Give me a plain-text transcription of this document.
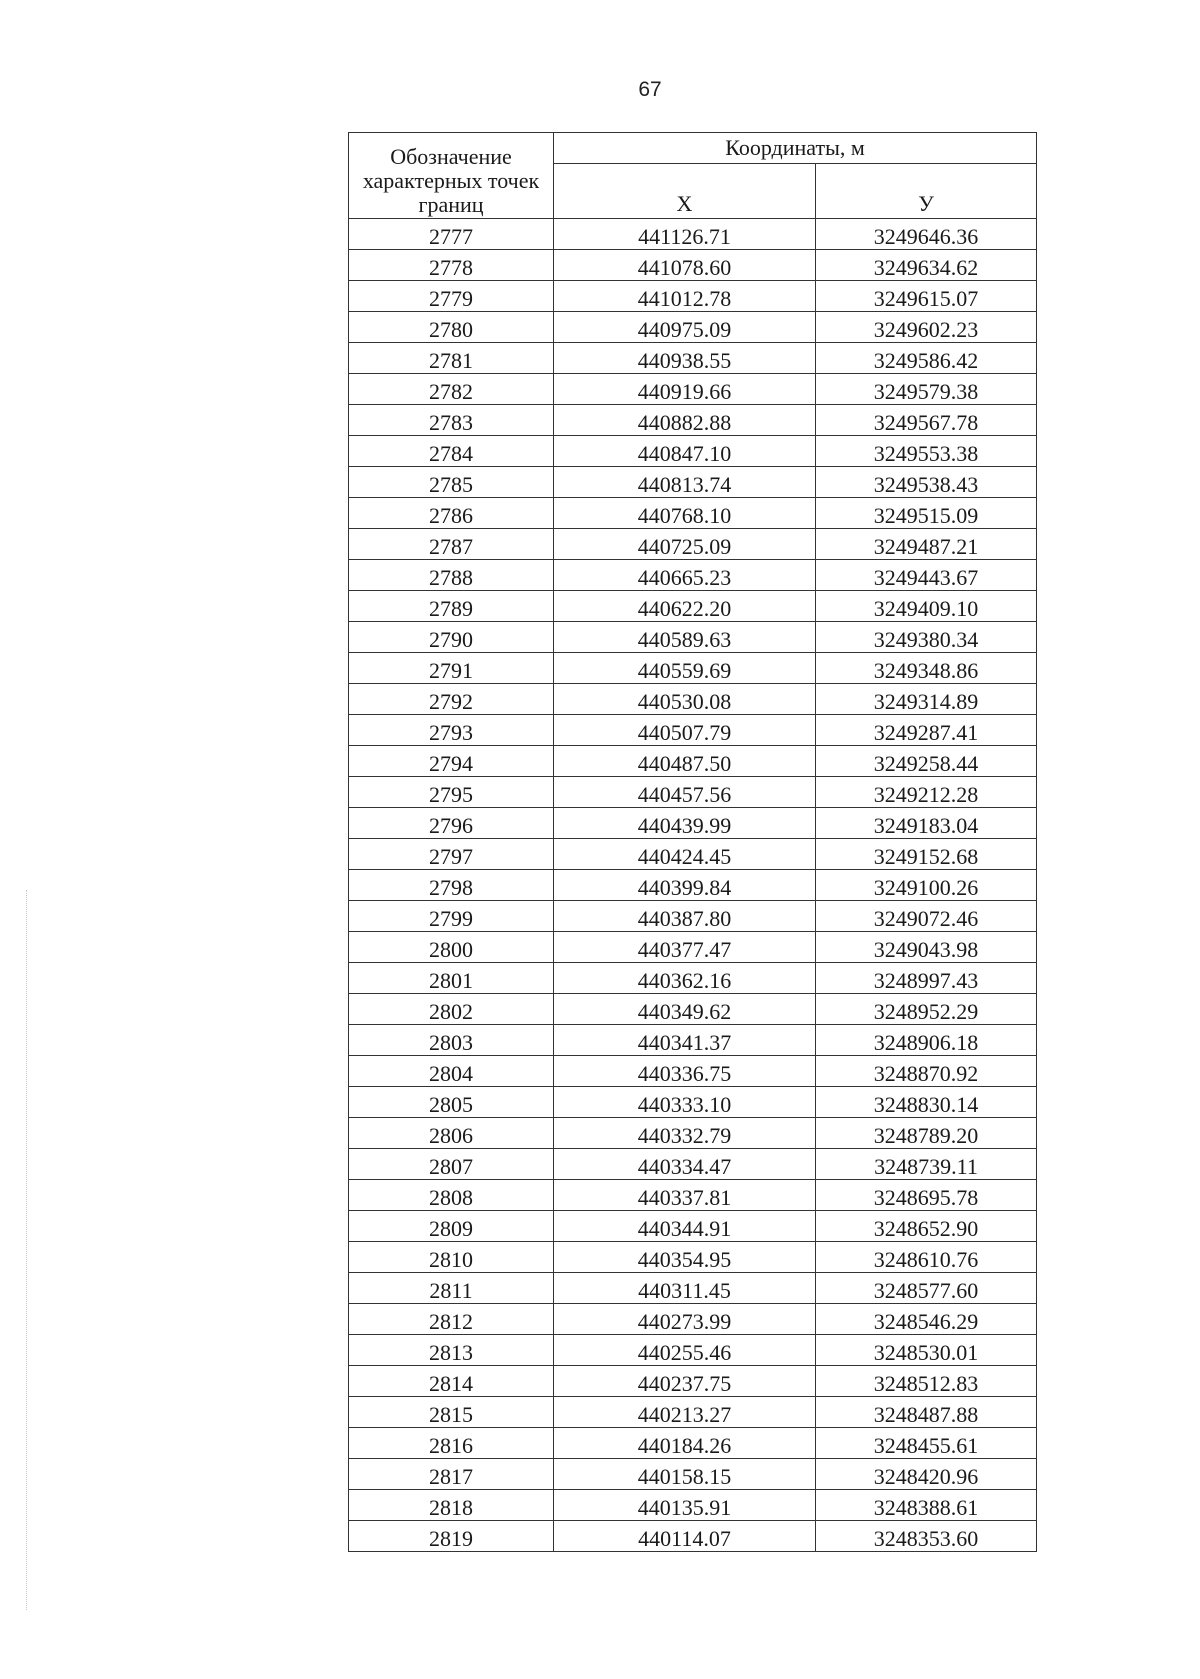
67
Обозначение характерных точек границ	Координаты, м	
	X	У
2777	441126.71	3249646.36
2778	441078.60	3249634.62
2779	441012.78	3249615.07
2780	440975.09	3249602.23
2781	440938.55	3249586.42
2782	440919.66	3249579.38
2783	440882.88	3249567.78
2784	440847.10	3249553.38
2785	440813.74	3249538.43
2786	440768.10	3249515.09
2787	440725.09	3249487.21
2788	440665.23	3249443.67
2789	440622.20	3249409.10
2790	440589.63	3249380.34
2791	440559.69	3249348.86
2792	440530.08	3249314.89
2793	440507.79	3249287.41
2794	440487.50	3249258.44
2795	440457.56	3249212.28
2796	440439.99	3249183.04
2797	440424.45	3249152.68
2798	440399.84	3249100.26
2799	440387.80	3249072.46
2800	440377.47	3249043.98
2801	440362.16	3248997.43
2802	440349.62	3248952.29
2803	440341.37	3248906.18
2804	440336.75	3248870.92
2805	440333.10	3248830.14
2806	440332.79	3248789.20
2807	440334.47	3248739.11
2808	440337.81	3248695.78
2809	440344.91	3248652.90
2810	440354.95	3248610.76
2811	440311.45	3248577.60
2812	440273.99	3248546.29
2813	440255.46	3248530.01
2814	440237.75	3248512.83
2815	440213.27	3248487.88
2816	440184.26	3248455.61
2817	440158.15	3248420.96
2818	440135.91	3248388.61
2819	440114.07	3248353.60
